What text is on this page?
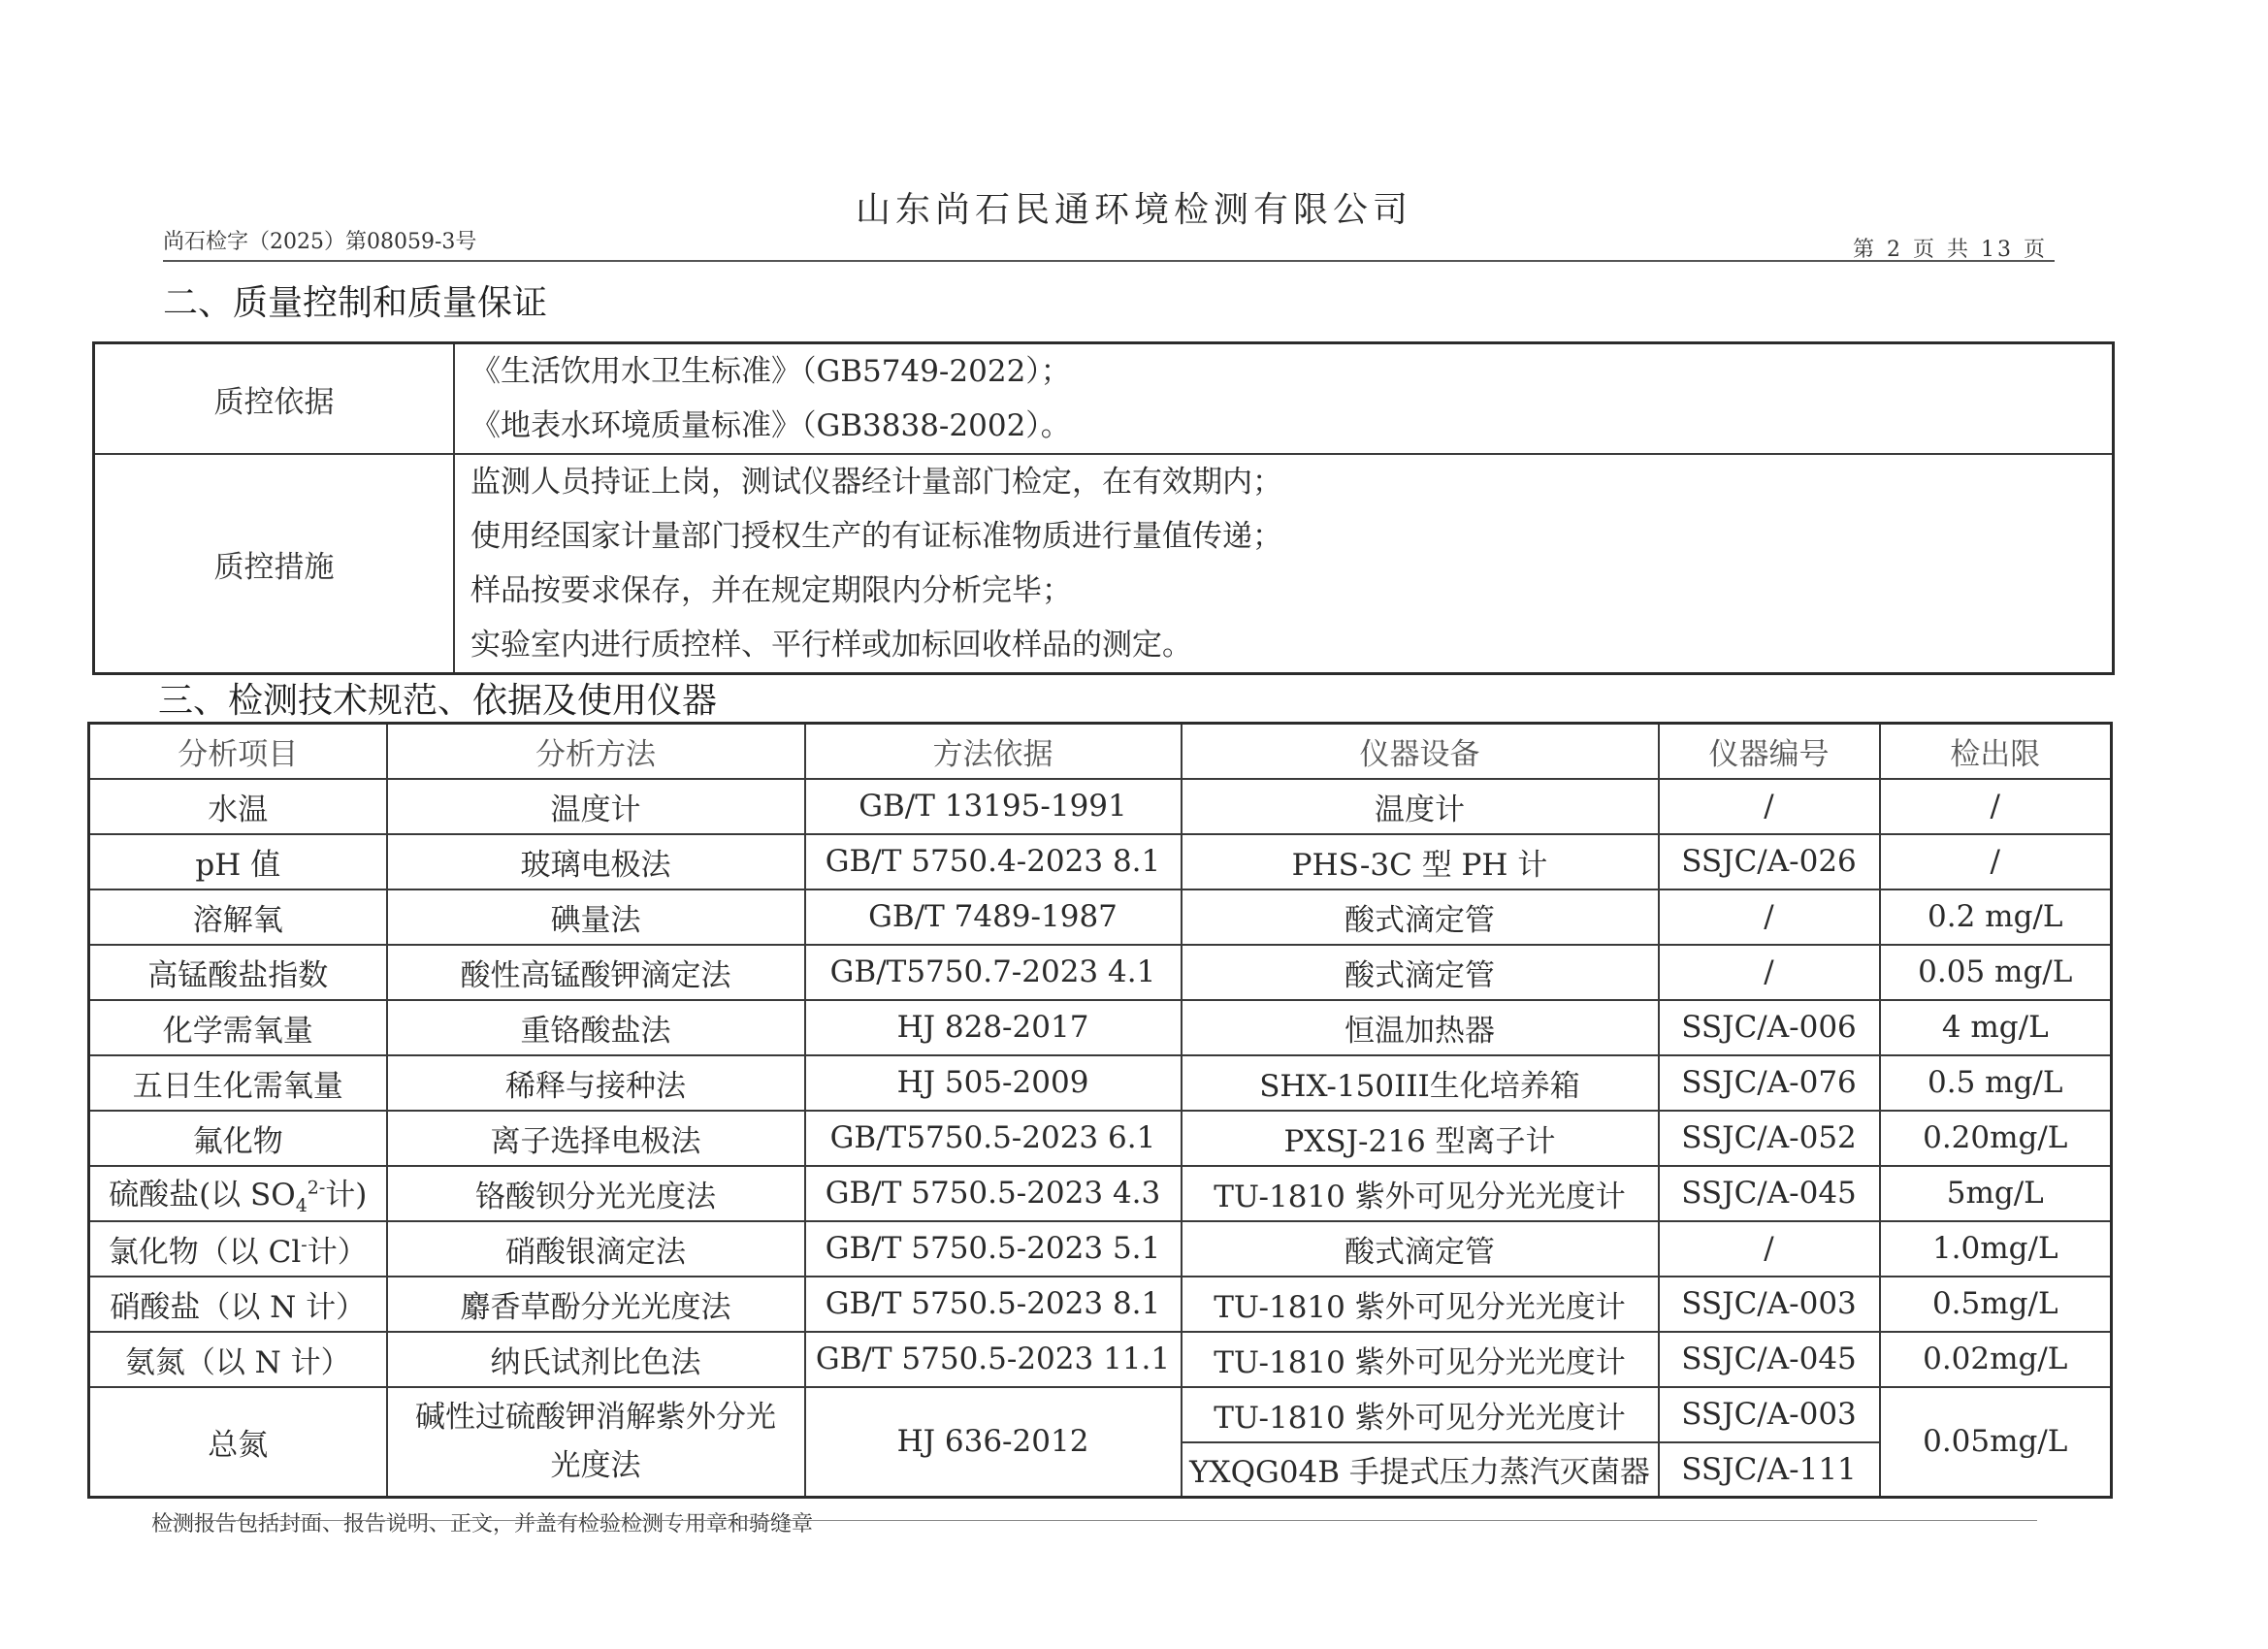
山东尚石民通环境检测有限公司
尚石检字（2025）第08059-3号	第 2 页 共 13 页
二、质量控制和质量保证
质控依据	《生活饮用水卫生标准》（GB5749-2022）；
《地表水环境质量标准》（GB3838-2002）。

质控措施	监测人员持证上岗，测试仪器经计量部门检定，在有效期内；
使用经国家计量部门授权生产的有证标准物质进行量值传递；
样品按要求保存，并在规定期限内分析完毕；
实验室内进行质控样、平行样或加标回收样品的测定。
三、检测技术规范、依据及使用仪器
分析项目	分析方法	方法依据	仪器设备	仪器编号	检出限
水温	温度计	GB/T 13195-1991	温度计	/	/
pH 值	玻璃电极法	GB/T 5750.4-2023 8.1	PHS-3C 型 PH 计	SSJC/A-026	/
溶解氧	碘量法	GB/T 7489-1987	酸式滴定管	/	0.2 mg/L
高锰酸盐指数	酸性高锰酸钾滴定法	GB/T5750.7-2023 4.1	酸式滴定管	/	0.05 mg/L
化学需氧量	重铬酸盐法	HJ 828-2017	恒温加热器	SSJC/A-006	4 mg/L
五日生化需氧量	稀释与接种法	HJ 505-2009	SHX-150III生化培养箱	SSJC/A-076	0.5 mg/L
氟化物	离子选择电极法	GB/T5750.5-2023 6.1	PXSJ-216 型离子计	SSJC/A-052	0.20mg/L
硫酸盐(以 $SO_4^{2-}$计)	铬酸钡分光光度法	GB/T 5750.5-2023 4.3	TU-1810 紫外可见分光光度计	SSJC/A-045	5mg/L
氯化物（以 Cl-计）	硝酸银滴定法	GB/T 5750.5-2023 5.1	酸式滴定管	/	1.0mg/L
硝酸盐（以 N 计）	麝香草酚分光光度法	GB/T 5750.5-2023 8.1	TU-1810 紫外可见分光光度计	SSJC/A-003	0.5mg/L
氨氮（以 N 计）	纳氏试剂比色法	GB/T 5750.5-2023 11.1	TU-1810 紫外可见分光光度计	SSJC/A-045	0.02mg/L
总氮	碱性过硫酸钾消解紫外分光光度法	HJ 636-2012	TU-1810 紫外可见分光光度计	SSJC/A-003	0.05mg/L
			YXQG04B 手提式压力蒸汽灭菌器	SSJC/A-111	
检测报告包括封面、报告说明、正文，并盖有检验检测专用章和骑缝章
